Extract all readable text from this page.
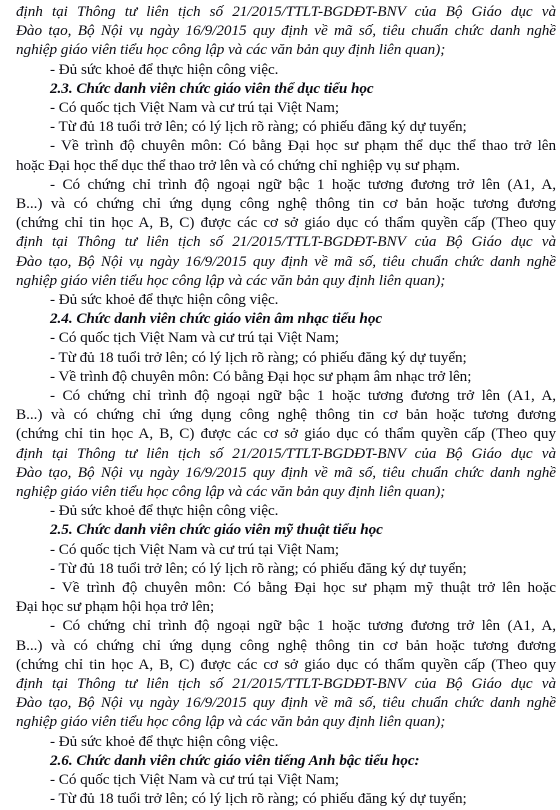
định tại Thông tư liên tịch số 21/2015/TTLT-BGDĐT-BNV của Bộ Giáo dục và
Đào tạo, Bộ Nội vụ ngày 16/9/2015 quy định về mã số, tiêu chuẩn chức danh nghề
nghiệp giáo viên tiểu học công lập và các văn bản quy định liên quan);
- Đủ sức khoẻ để thực hiện công việc.
2.3. Chức danh viên chức giáo viên thể dục tiểu học
- Có quốc tịch Việt Nam và cư trú tại Việt Nam;
- Từ đủ 18 tuổi trở lên; có lý lịch rõ ràng; có phiếu đăng ký dự tuyển;
- Về trình độ chuyên môn: Có bằng Đại học sư phạm thể dục thể thao trở lên
hoặc Đại học thể dục thể thao trở lên và có chứng chỉ nghiệp vụ sư phạm.
- Có chứng chỉ trình độ ngoại ngữ bậc 1 hoặc tương đương trở lên (A1, A,
B...) và có chứng chỉ ứng dụng công nghệ thông tin cơ bản hoặc tương đương
(chứng chỉ tin học A, B, C) được các cơ sở giáo dục có thẩm quyền cấp (Theo quy
định tại Thông tư liên tịch số 21/2015/TTLT-BGDĐT-BNV của Bộ Giáo dục và
Đào tạo, Bộ Nội vụ ngày 16/9/2015 quy định về mã số, tiêu chuẩn chức danh nghề
nghiệp giáo viên tiểu học công lập và các văn bản quy định liên quan);
- Đủ sức khoẻ để thực hiện công việc.
2.4. Chức danh viên chức giáo viên âm nhạc tiểu học
- Có quốc tịch Việt Nam và cư trú tại Việt Nam;
- Từ đủ 18 tuổi trở lên; có lý lịch rõ ràng; có phiếu đăng ký dự tuyển;
- Về trình độ chuyên môn: Có bằng Đại học sư phạm âm nhạc trở lên;
- Có chứng chỉ trình độ ngoại ngữ bậc 1 hoặc tương đương trở lên (A1, A,
B...) và có chứng chỉ ứng dụng công nghệ thông tin cơ bản hoặc tương đương
(chứng chỉ tin học A, B, C) được các cơ sở giáo dục có thẩm quyền cấp (Theo quy
định tại Thông tư liên tịch số 21/2015/TTLT-BGDĐT-BNV của Bộ Giáo dục và
Đào tạo, Bộ Nội vụ ngày 16/9/2015 quy định về mã số, tiêu chuẩn chức danh nghề
nghiệp giáo viên tiểu học công lập và các văn bản quy định liên quan);
- Đủ sức khoẻ để thực hiện công việc.
2.5. Chức danh viên chức giáo viên mỹ thuật tiểu học
- Có quốc tịch Việt Nam và cư trú tại Việt Nam;
- Từ đủ 18 tuổi trở lên; có lý lịch rõ ràng; có phiếu đăng ký dự tuyển;
- Về trình độ chuyên môn: Có bằng Đại học sư phạm mỹ thuật trở lên hoặc
Đại học sư phạm hội họa trở lên;
- Có chứng chỉ trình độ ngoại ngữ bậc 1 hoặc tương đương trở lên (A1, A,
B...) và có chứng chỉ ứng dụng công nghệ thông tin cơ bản hoặc tương đương
(chứng chỉ tin học A, B, C) được các cơ sở giáo dục có thẩm quyền cấp (Theo quy
định tại Thông tư liên tịch số 21/2015/TTLT-BGDĐT-BNV của Bộ Giáo dục và
Đào tạo, Bộ Nội vụ ngày 16/9/2015 quy định về mã số, tiêu chuẩn chức danh nghề
nghiệp giáo viên tiểu học công lập và các văn bản quy định liên quan);
- Đủ sức khoẻ để thực hiện công việc.
2.6. Chức danh viên chức giáo viên tiếng Anh bậc tiểu học:
- Có quốc tịch Việt Nam và cư trú tại Việt Nam;
- Từ đủ 18 tuổi trở lên; có lý lịch rõ ràng; có phiếu đăng ký dự tuyển;
